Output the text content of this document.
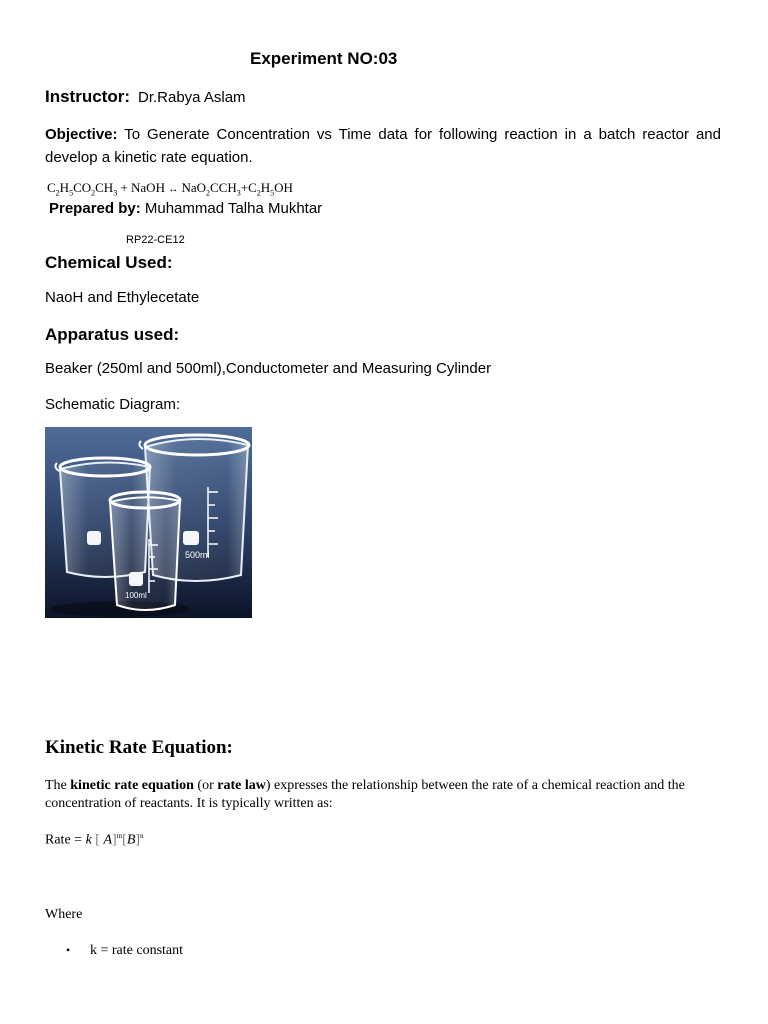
Experiment NO:03
Instructor: Dr.Rabya Aslam
Objective: To Generate Concentration vs Time data for following reaction in a batch reactor and develop a kinetic rate equation.
$C_2H_5CO_2CH_3$ + NaOH ↔ $NaO_2CCH_3+C_2H_5OH$
Prepared by: Muhammad Talha Mukhtar
RP22-CE12
Chemical Used:
NaoH and Ethylecetate
Apparatus used:
Beaker (250ml and 500ml),Conductometer and Measuring Cylinder
Schematic Diagram:
500ml
100ml
Kinetic Rate Equation:
The kinetic rate equation (or rate law) expresses the relationship between the rate of a chemical reaction and the concentration of reactants. It is typically written as:
Rate = k [ $A]^m[B]^n$
Where
• k = rate constant
